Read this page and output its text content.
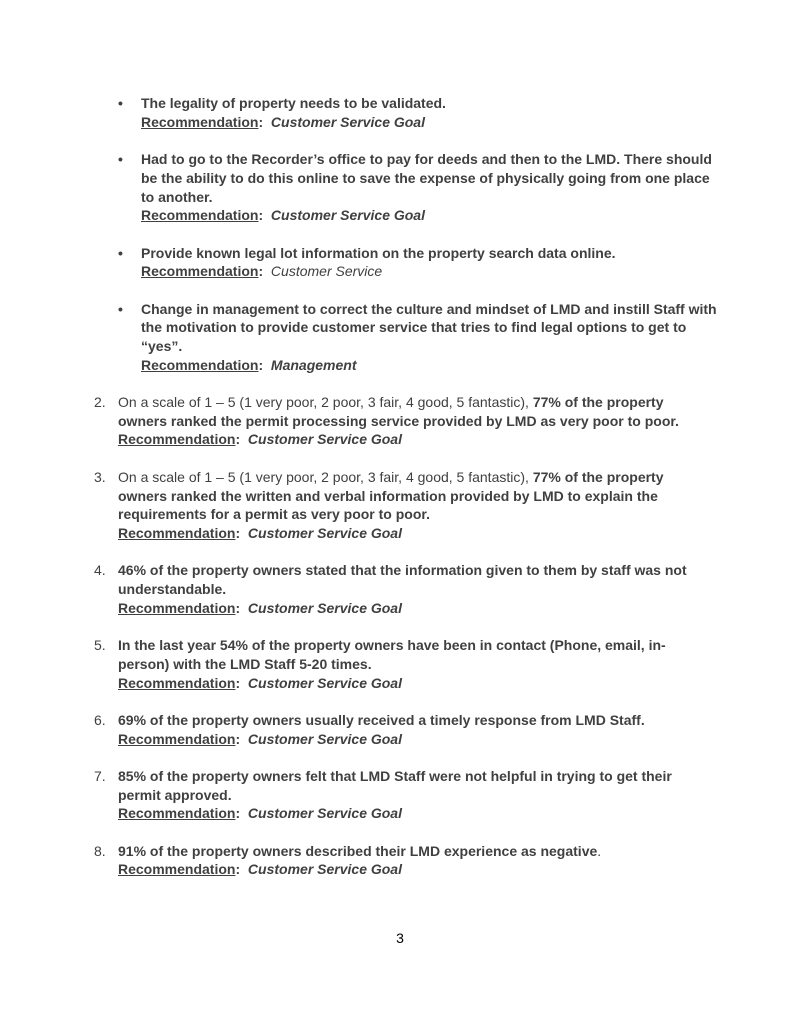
• The legality of property needs to be validated.
Recommendation: Customer Service Goal
• Had to go to the Recorder’s office to pay for deeds and then to the LMD. There should be the ability to do this online to save the expense of physically going from one place to another.
Recommendation: Customer Service Goal
• Provide known legal lot information on the property search data online.
Recommendation: Customer Service
• Change in management to correct the culture and mindset of LMD and instill Staff with the motivation to provide customer service that tries to find legal options to get to “yes”.
Recommendation: Management
2. On a scale of 1 – 5 (1 very poor, 2 poor, 3 fair, 4 good, 5 fantastic), 77% of the property owners ranked the permit processing service provided by LMD as very poor to poor.
Recommendation: Customer Service Goal
3. On a scale of 1 – 5 (1 very poor, 2 poor, 3 fair, 4 good, 5 fantastic), 77% of the property owners ranked the written and verbal information provided by LMD to explain the requirements for a permit as very poor to poor.
Recommendation: Customer Service Goal
4. 46% of the property owners stated that the information given to them by staff was not understandable.
Recommendation: Customer Service Goal
5. In the last year 54% of the property owners have been in contact (Phone, email, in-person) with the LMD Staff 5-20 times.
Recommendation: Customer Service Goal
6. 69% of the property owners usually received a timely response from LMD Staff.
Recommendation: Customer Service Goal
7. 85% of the property owners felt that LMD Staff were not helpful in trying to get their permit approved.
Recommendation: Customer Service Goal
8. 91% of the property owners described their LMD experience as negative.
Recommendation: Customer Service Goal
3
